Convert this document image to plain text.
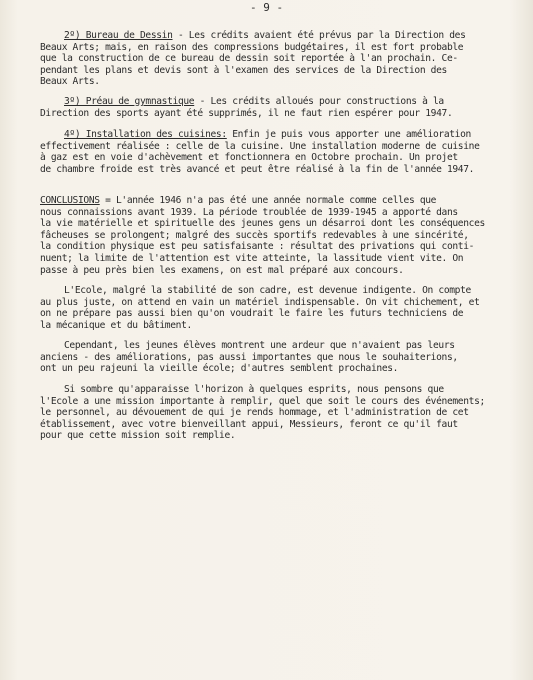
- 9 -
2º) Bureau de Dessin - Les crédits avaient été prévus par la Direction des
Beaux Arts; mais, en raison des compressions budgétaires, il est fort probable
que la construction de ce bureau de dessin soit reportée à l'an prochain. Ce-
pendant les plans et devis sont à l'examen des services de la Direction des
Beaux Arts.
3º) Préau de gymnastique - Les crédits alloués pour constructions à la
Direction des sports ayant été supprimés, il ne faut rien espérer pour 1947.
4º) Installation des cuisines: Enfin je puis vous apporter une amélioration
effectivement réalisée : celle de la cuisine. Une installation moderne de cuisine
à gaz est en voie d'achèvement et fonctionnera en Octobre prochain. Un projet
de chambre froide est très avancé et peut être réalisé à la fin de l'année 1947.
CONCLUSIONS = L'année 1946 n'a pas été une année normale comme celles que
nous connaissions avant 1939. La période troublée de 1939-1945 a apporté dans
la vie matérielle et spirituelle des jeunes gens un désarroi dont les conséquences
fâcheuses se prolongent; malgré des succès sportifs redevables à une sincérité,
la condition physique est peu satisfaisante : résultat des privations qui conti-
nuent; la limite de l'attention est vite atteinte, la lassitude vient vite. On
passe à peu près bien les examens, on est mal préparé aux concours.
L'Ecole, malgré la stabilité de son cadre, est devenue indigente. On compte
au plus juste, on attend en vain un matériel indispensable. On vit chichement, et
on ne prépare pas aussi bien qu'on voudrait le faire les futurs techniciens de
la mécanique et du bâtiment.
Cependant, les jeunes élèves montrent une ardeur que n'avaient pas leurs
anciens - des améliorations, pas aussi importantes que nous le souhaiterions,
ont un peu rajeuni la vieille école; d'autres semblent prochaines.
Si sombre qu'apparaisse l'horizon à quelques esprits, nous pensons que
l'Ecole a une mission importante à remplir, quel que soit le cours des événements;
le personnel, au dévouement de qui je rends hommage, et l'administration de cet
établissement, avec votre bienveillant appui, Messieurs, feront ce qu'il faut
pour que cette mission soit remplie.
